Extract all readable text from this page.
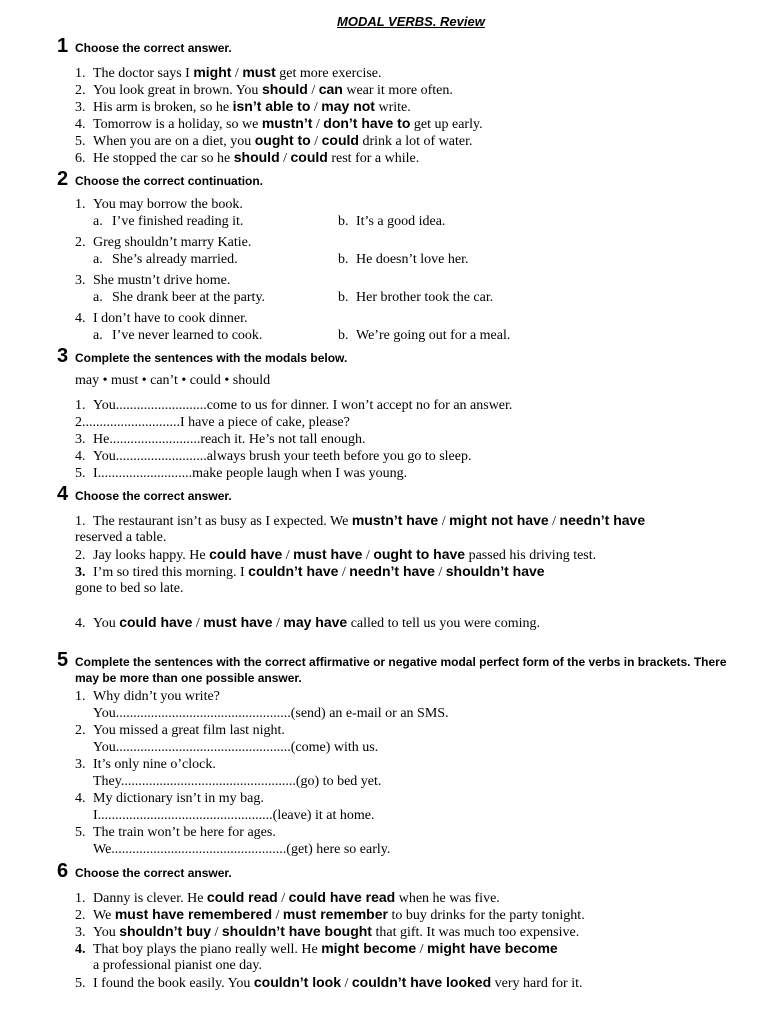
MODAL VERBS. Review
1 Choose the correct answer.
1. The doctor says I might / must get more exercise.
2. You look great in brown. You should / can wear it more often.
3. His arm is broken, so he isn’t able to / may not write.
4. Tomorrow is a holiday, so we mustn’t / don’t have to get up early.
5. When you are on a diet, you ought to / could drink a lot of water.
6. He stopped the car so he should / could rest for a while.
2 Choose the correct continuation.
1. You may borrow the book.
a. I’ve finished reading it.	b. It’s a good idea.
2. Greg shouldn’t marry Katie.
a. She’s already married.	b. He doesn’t love her.
3. She mustn’t drive home.
a. She drank beer at the party.	b. Her brother took the car.
4. I don’t have to cook dinner.
a. I’ve never learned to cook.	b. We’re going out for a meal.
3 Complete the sentences with the modals below.
may • must • can’t • could • should
1. You..........................come to us for dinner. I won’t accept no for an answer.
2............................I have a piece of cake, please?
3. He..........................reach it. He’s not tall enough.
4. You..........................always brush your teeth before you go to sleep.
5. I...........................make people laugh when I was young.
4 Choose the correct answer.
1. The restaurant isn’t as busy as I expected. We mustn’t have / might not have / needn’t have
reserved a table.
2. Jay looks happy. He could have / must have / ought to have passed his driving test.
3. I’m so tired this morning. I couldn’t have / needn’t have / shouldn’t have
gone to bed so late.
4. You could have / must have / may have called to tell us you were coming.
5 Complete the sentences with the correct affirmative or negative modal perfect form of the verbs in brackets. There
may be more than one possible answer.
1. Why didn’t you write?
You..................................................(send) an e-mail or an SMS.
2. You missed a great film last night.
You..................................................(come) with us.
3. It’s only nine o’clock.
They..................................................(go) to bed yet.
4. My dictionary isn’t in my bag.
I..................................................(leave) it at home.
5. The train won’t be here for ages.
We..................................................(get) here so early.
6 Choose the correct answer.
1. Danny is clever. He could read / could have read when he was five.
2. We must have remembered / must remember to buy drinks for the party tonight.
3. You shouldn’t buy / shouldn’t have bought that gift. It was much too expensive.
4. That boy plays the piano really well. He might become / might have become
a professional pianist one day.
5. I found the book easily. You couldn’t look / couldn’t have looked very hard for it.
